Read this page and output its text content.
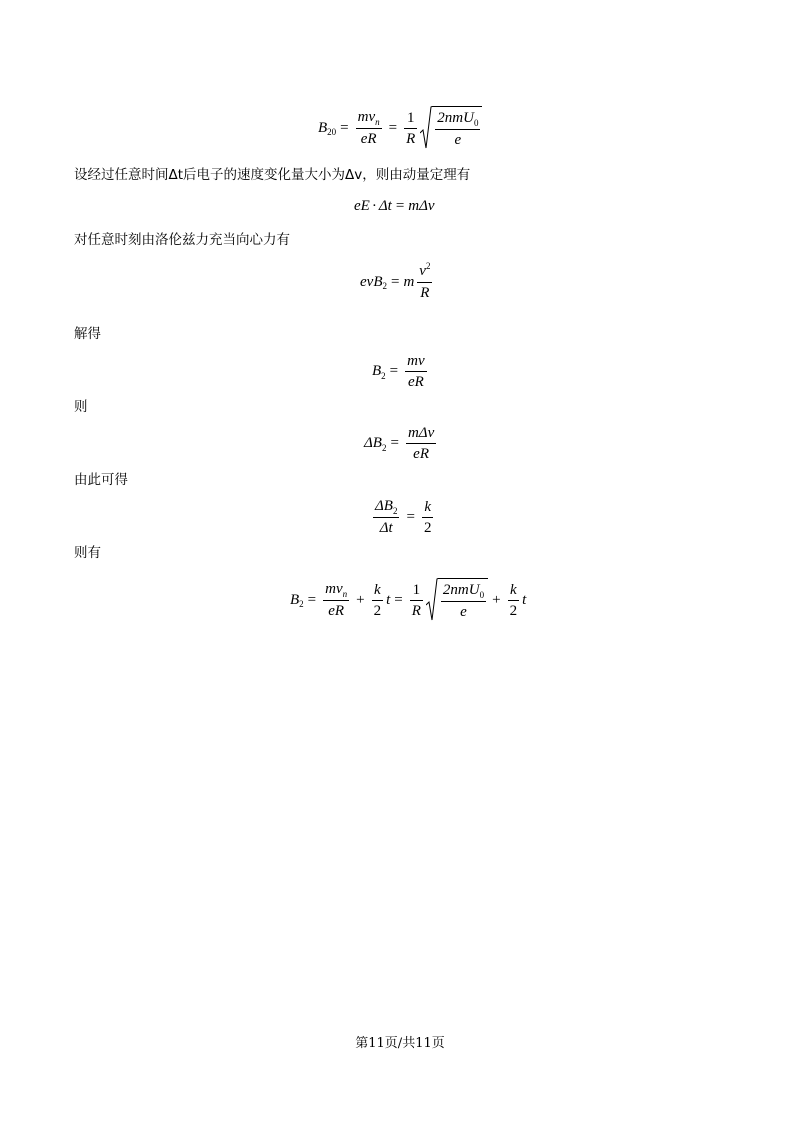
B $20 = \frac{mv_n}{eR} = \frac{1}{R} \frac{2nmU_0}{e}$
设经过任意时间Δt后电子的速度变化量大小为Δv，则由动量定理有
eE · Δt = mΔv
对任意时刻由洛伦兹力充当向心力有
evB 2 = m $\frac{v^2}{R}$
解得
B $2 = \frac{mv}{eR}$
则
ΔB $2 = \frac{\text{mΔv}}{eR}$
由此可得
$\frac{\Delta B_2}{\Delta t} = \frac{k}{2}$
则有
B $2 = \frac{mv_n}{eR} + \frac{k}{2}$ $t = \frac{1}{R} \frac{2nmU_0}{e} + \frac{k}{2}$ t
第11页/共11页
